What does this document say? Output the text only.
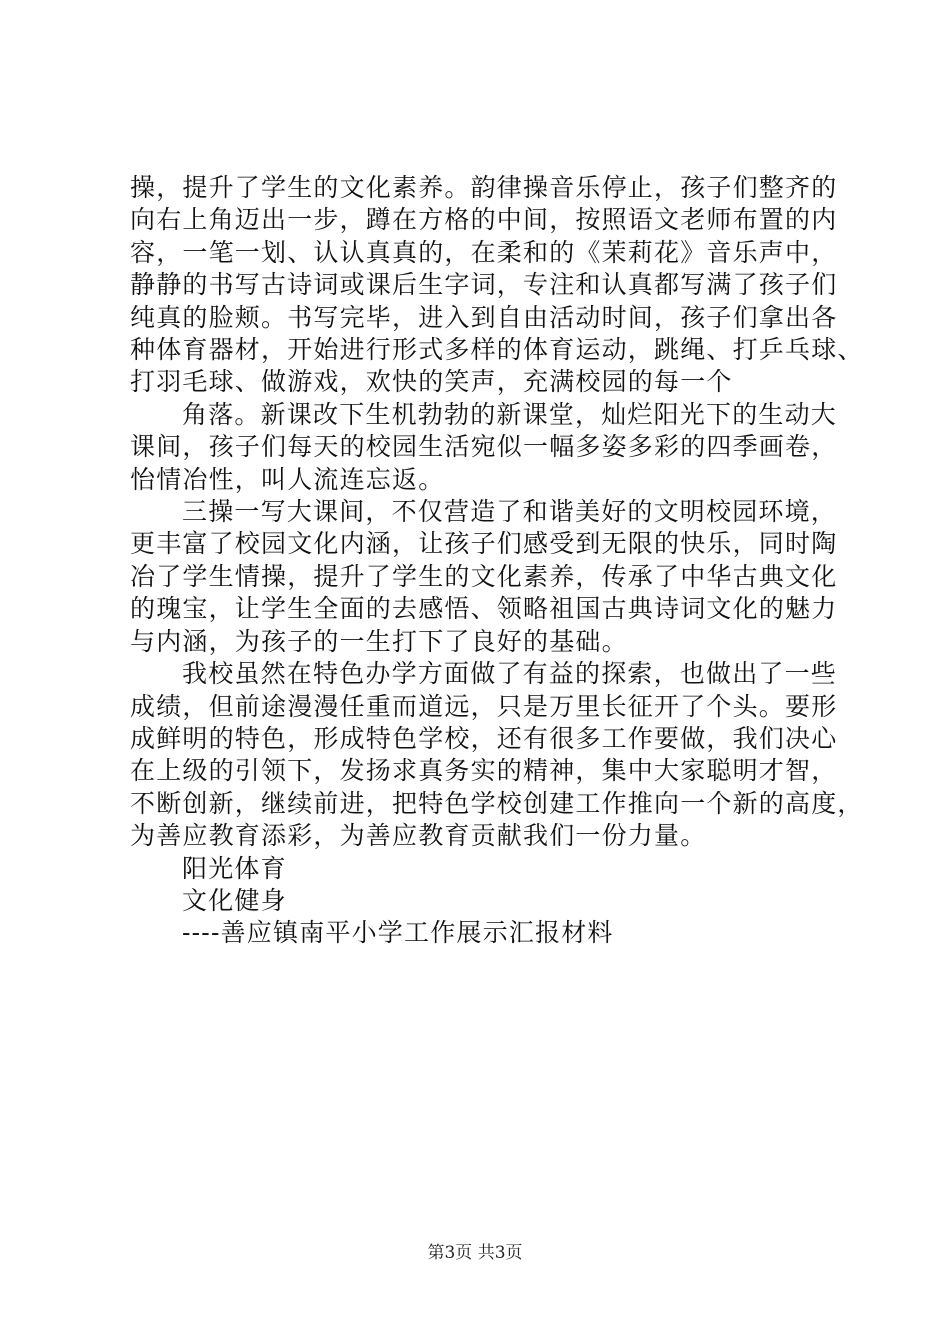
操，提升了学生的文化素养。韵律操音乐停止，孩子们整齐的
向右上角迈出一步，蹲在方格的中间，按照语文老师布置的内
容，一笔一划、认认真真的，在柔和的《茉莉花》音乐声中，
静静的书写古诗词或课后生字词，专注和认真都写满了孩子们
纯真的脸颊。书写完毕，进入到自由活动时间，孩子们拿出各
种体育器材，开始进行形式多样的体育运动，跳绳、打乒乓球、
打羽毛球、做游戏，欢快的笑声，充满校园的每一个
角落。新课改下生机勃勃的新课堂，灿烂阳光下的生动大
课间，孩子们每天的校园生活宛似一幅多姿多彩的四季画卷，
怡情冶性，叫人流连忘返。
三操一写大课间，不仅营造了和谐美好的文明校园环境，
更丰富了校园文化内涵，让孩子们感受到无限的快乐，同时陶
冶了学生情操，提升了学生的文化素养，传承了中华古典文化
的瑰宝，让学生全面的去感悟、领略祖国古典诗词文化的魅力
与内涵，为孩子的一生打下了良好的基础。
我校虽然在特色办学方面做了有益的探索，也做出了一些
成绩，但前途漫漫任重而道远，只是万里长征开了个头。要形
成鲜明的特色，形成特色学校，还有很多工作要做，我们决心
在上级的引领下，发扬求真务实的精神，集中大家聪明才智，
不断创新，继续前进，把特色学校创建工作推向一个新的高度，
为善应教育添彩，为善应教育贡献我们一份力量。
阳光体育
文化健身
----善应镇南平小学工作展示汇报材料
第3页 共3页
